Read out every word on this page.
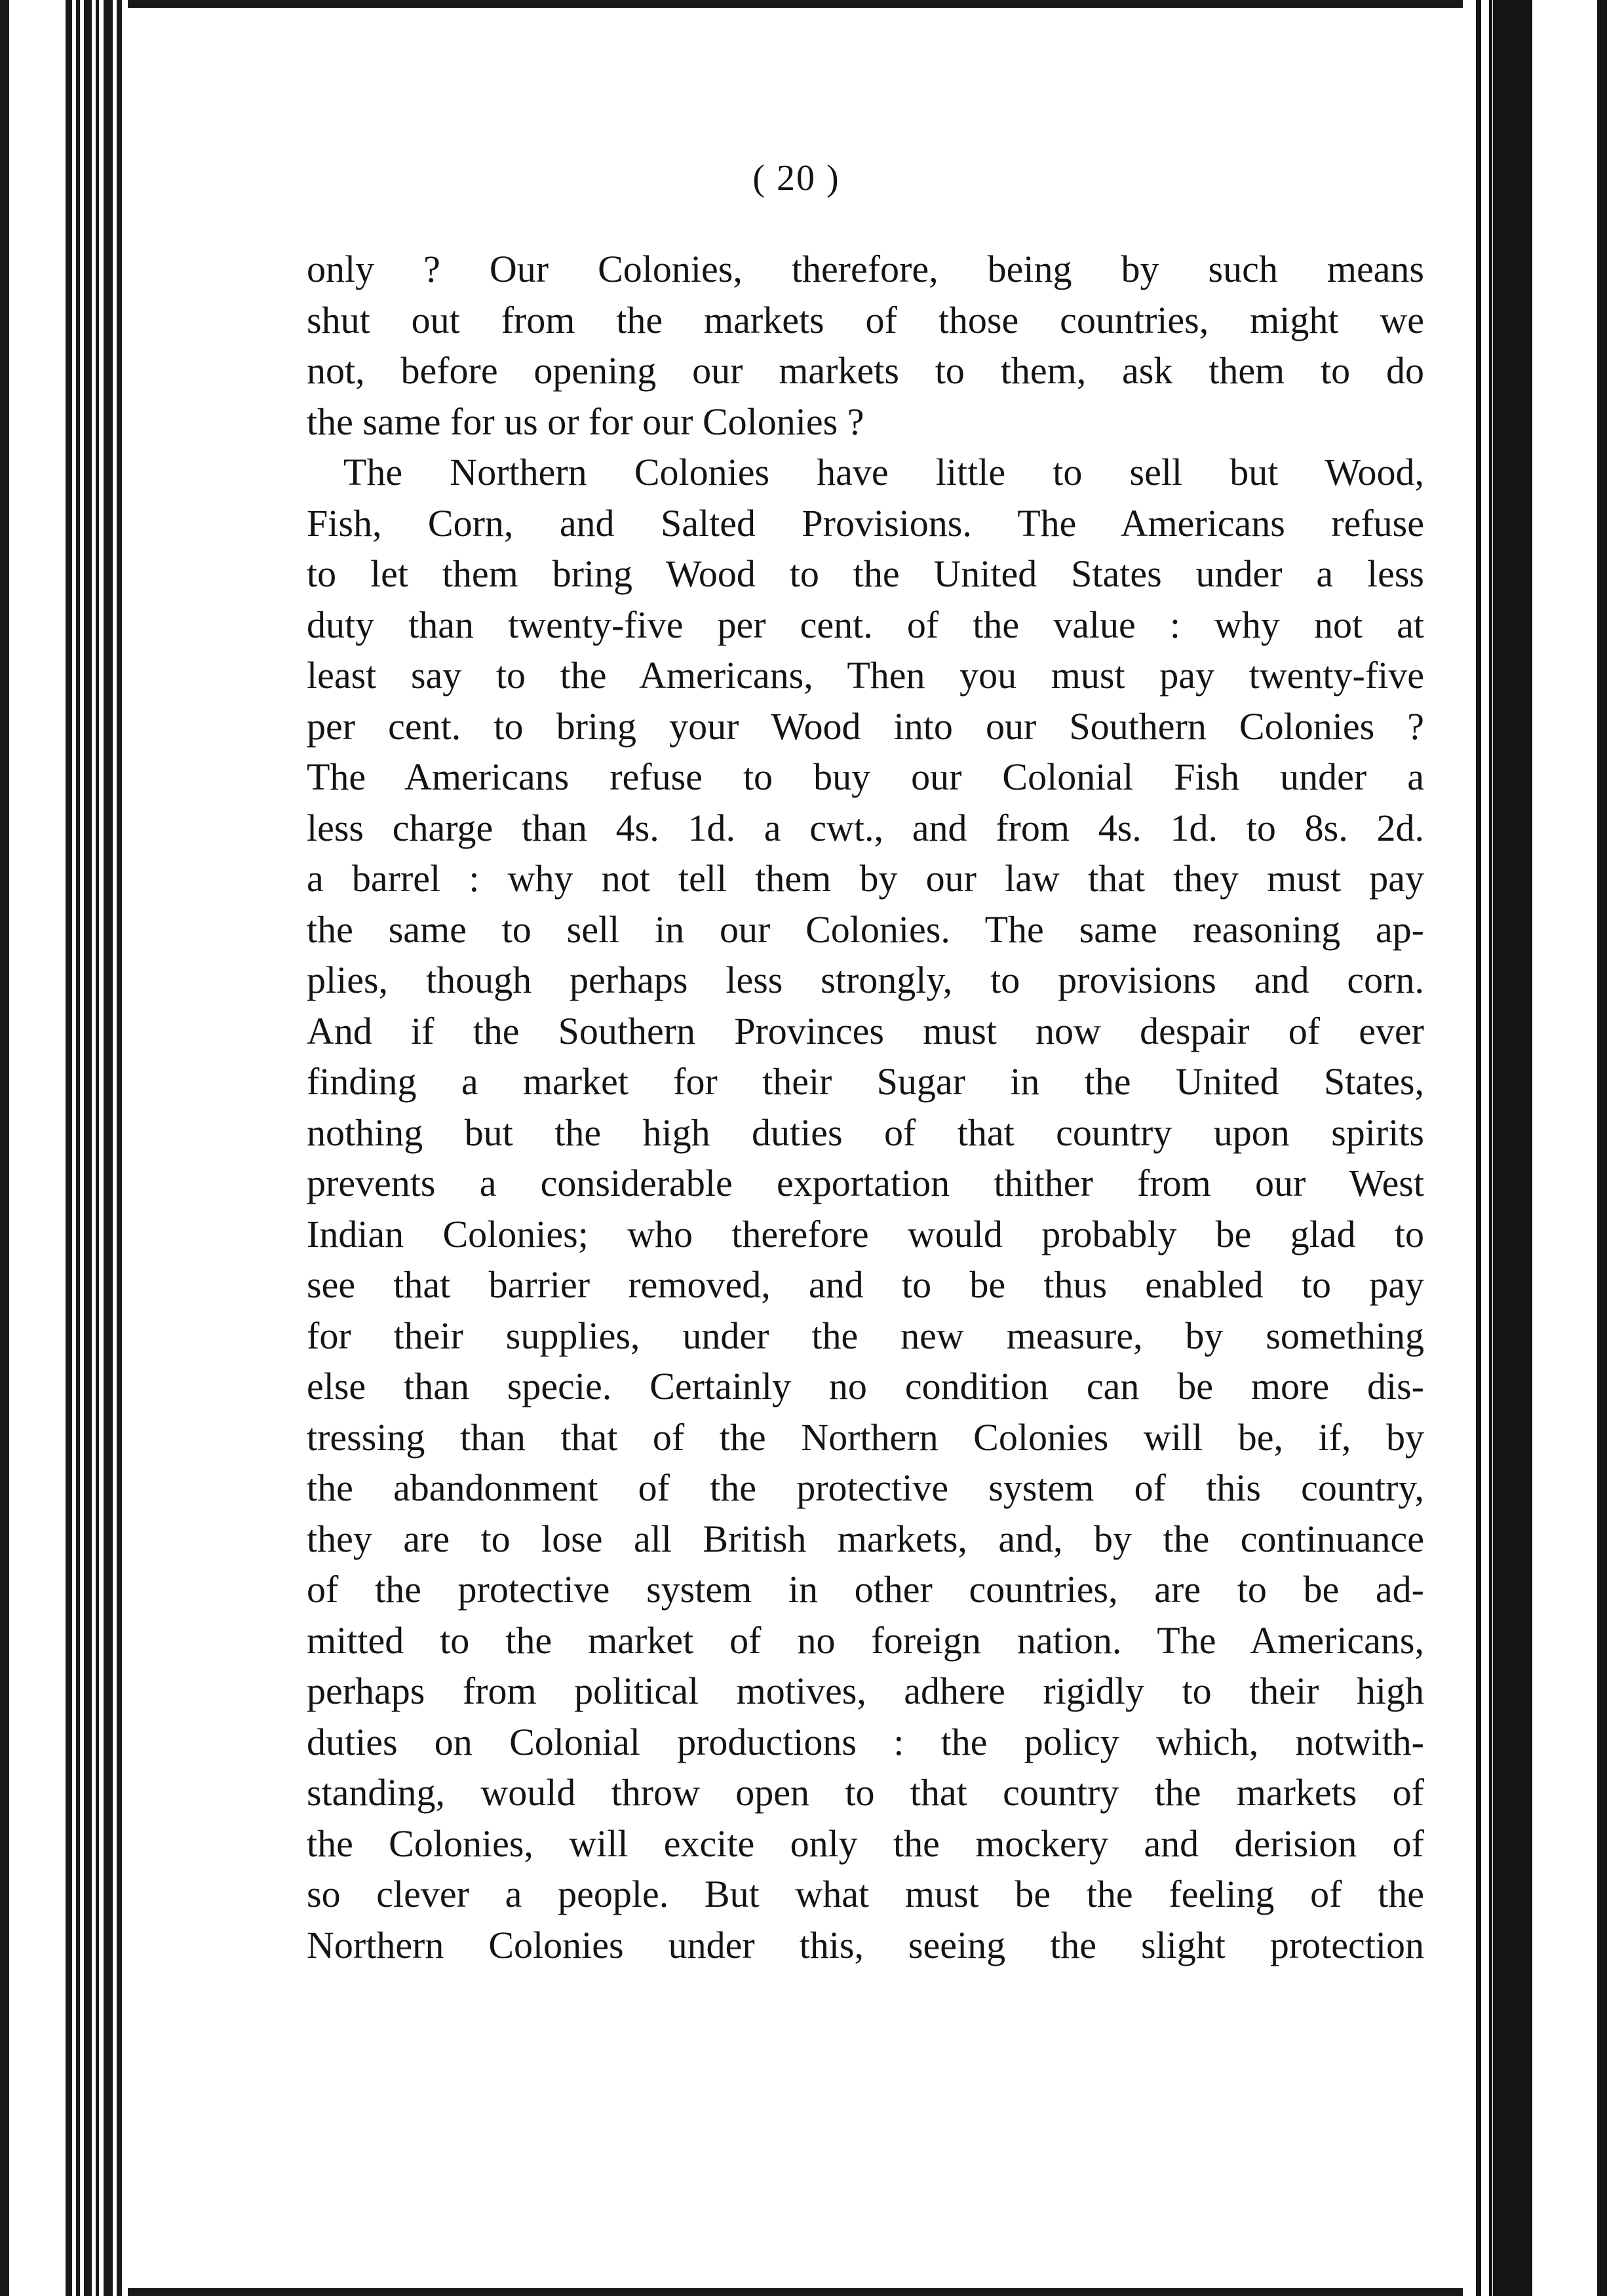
( 20 )
only ? Our Colonies, therefore, being by such means
shut out from the markets of those countries, might we
not, before opening our markets to them, ask them to do
the same for us or for our Colonies ?
The Northern Colonies have little to sell but Wood,
Fish, Corn, and Salted Provisions. The Americans refuse
to let them bring Wood to the United States under a less
duty than twenty-five per cent. of the value : why not at
least say to the Americans, Then you must pay twenty-five
per cent. to bring your Wood into our Southern Colonies ?
The Americans refuse to buy our Colonial Fish under a
less charge than 4s. 1d. a cwt., and from 4s. 1d. to 8s. 2d.
a barrel : why not tell them by our law that they must pay
the same to sell in our Colonies. The same reasoning ap-
plies, though perhaps less strongly, to provisions and corn.
And if the Southern Provinces must now despair of ever
finding a market for their Sugar in the United States,
nothing but the high duties of that country upon spirits
prevents a considerable exportation thither from our West
Indian Colonies; who therefore would probably be glad to
see that barrier removed, and to be thus enabled to pay
for their supplies, under the new measure, by something
else than specie. Certainly no condition can be more dis-
tressing than that of the Northern Colonies will be, if, by
the abandonment of the protective system of this country,
they are to lose all British markets, and, by the continuance
of the protective system in other countries, are to be ad-
mitted to the market of no foreign nation. The Americans,
perhaps from political motives, adhere rigidly to their high
duties on Colonial productions : the policy which, notwith-
standing, would throw open to that country the markets of
the Colonies, will excite only the mockery and derision of
so clever a people. But what must be the feeling of the
Northern Colonies under this, seeing the slight protection
